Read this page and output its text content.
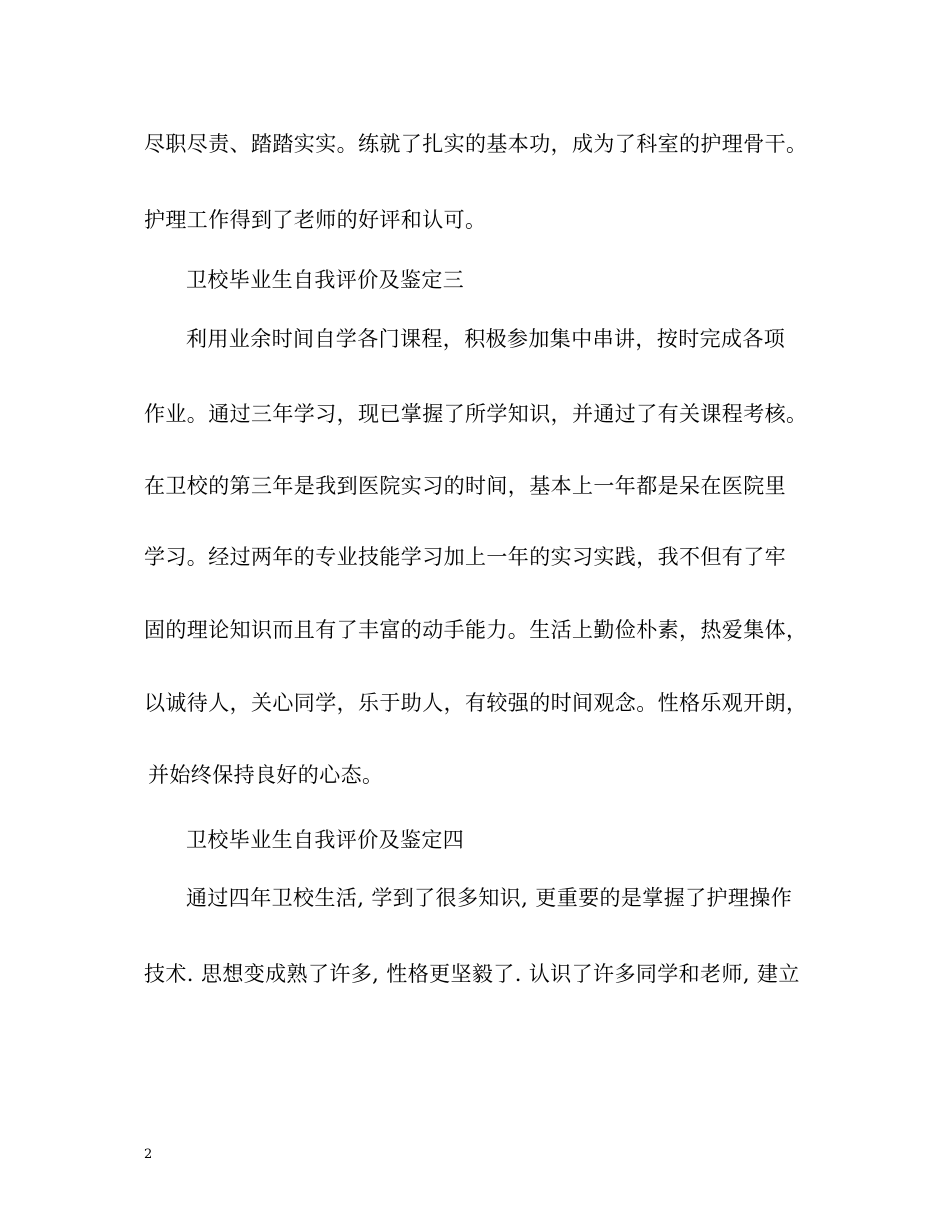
尽职尽责、踏踏实实。练就了扎实的基本功，成为了科室的护理骨干。
护理工作得到了老师的好评和认可。
卫校毕业生自我评价及鉴定三
利用业余时间自学各门课程，积极参加集中串讲，按时完成各项
作业。通过三年学习，现已掌握了所学知识，并通过了有关课程考核。
在卫校的第三年是我到医院实习的时间，基本上一年都是呆在医院里
学习。经过两年的专业技能学习加上一年的实习实践，我不但有了牢
固的理论知识而且有了丰富的动手能力。生活上勤俭朴素，热爱集体，
以诚待人，关心同学，乐于助人，有较强的时间观念。性格乐观开朗，
并始终保持良好的心态。
卫校毕业生自我评价及鉴定四
通过四年卫校生活, 学到了很多知识, 更重要的是掌握了护理操作
技术. 思想变成熟了许多, 性格更坚毅了. 认识了许多同学和老师, 建立
2
